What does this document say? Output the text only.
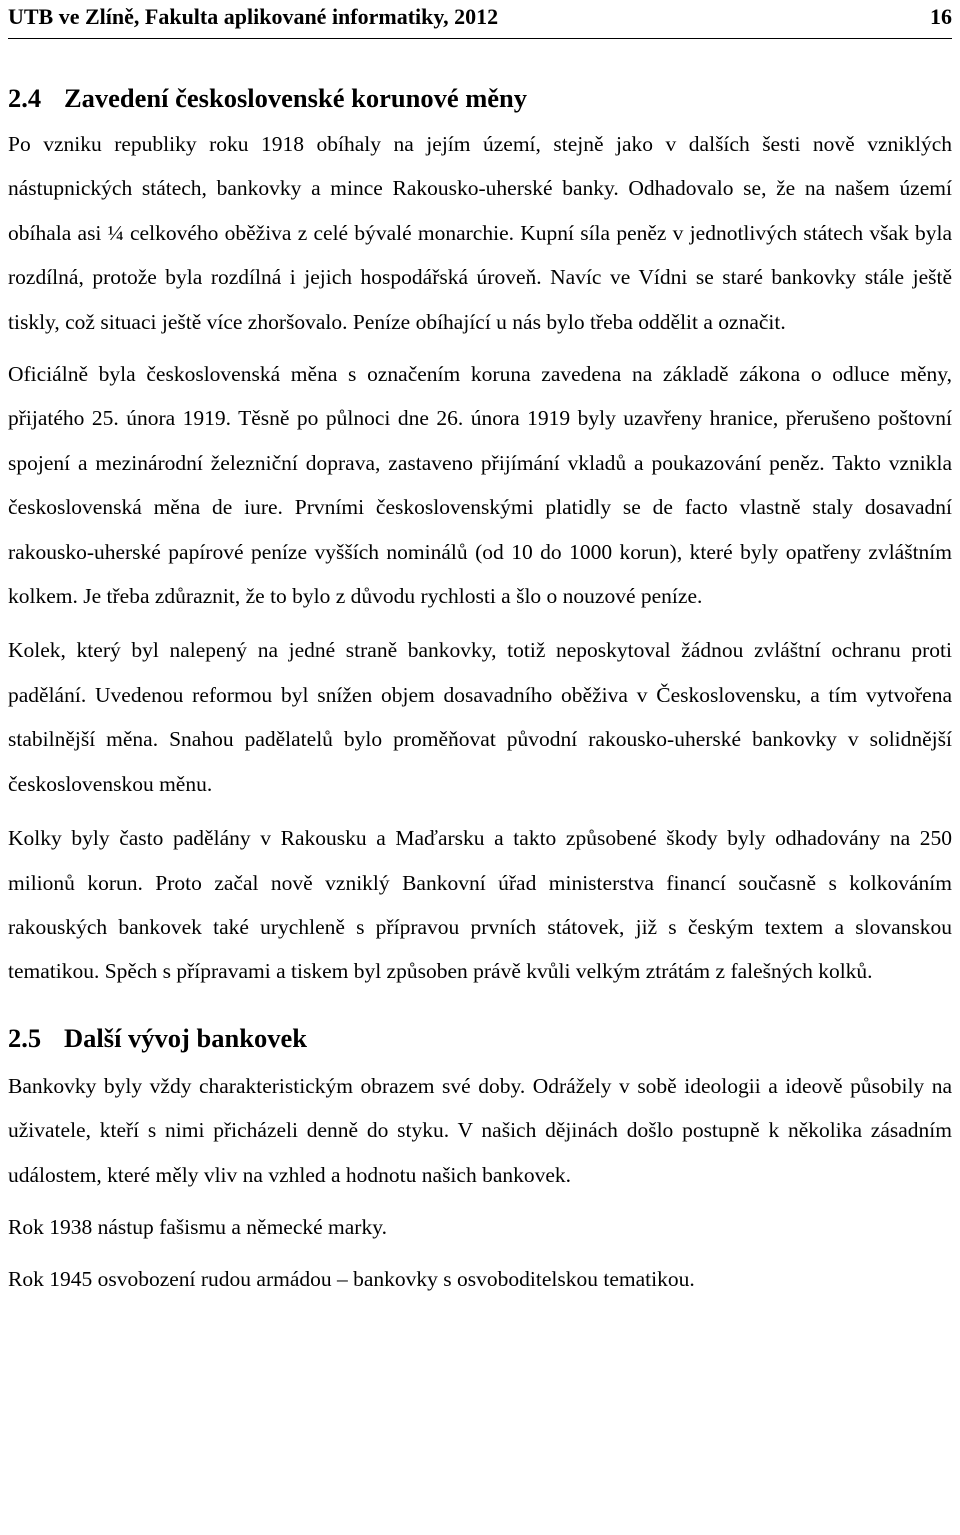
UTB ve Zlíně, Fakulta aplikované informatiky, 2012	16
2.4 Zavedení československé korunové měny

Po vzniku republiky roku 1918 obíhaly na jejím území, stejně jako v dalších šesti nově vzniklých nástupnických státech, bankovky a mince Rakousko-uherské banky. Odhadovalo se, že na našem území obíhala asi ¼ celkového oběživa z celé bývalé monarchie. Kupní síla peněz v jednotlivých státech však byla rozdílná, protože byla rozdílná i jejich hospodářská úroveň. Navíc ve Vídni se staré bankovky stále ještě tiskly, což situaci ještě více zhoršovalo. Peníze obíhající u nás bylo třeba oddělit a označit.

Oficiálně byla československá měna s označením koruna zavedena na základě zákona o odluce měny, přijatého 25. února 1919. Těsně po půlnoci dne 26. února 1919 byly uzavřeny hranice, přerušeno poštovní spojení a mezinárodní železniční doprava, zastaveno přijímání vkladů a poukazování peněz. Takto vznikla československá měna de iure. Prvními československými platidly se de facto vlastně staly dosavadní rakousko-uherské papírové peníze vyšších nominálů (od 10 do 1000 korun), které byly opatřeny zvláštním kolkem. Je třeba zdůraznit, že to bylo z důvodu rychlosti a šlo o nouzové peníze.

Kolek, který byl nalepený na jedné straně bankovky, totiž neposkytoval žádnou zvláštní ochranu proti padělání. Uvedenou reformou byl snížen objem dosavadního oběživa v Československu, a tím vytvořena stabilnější měna. Snahou padělatelů bylo proměňovat původní rakousko-uherské bankovky v solidnější československou měnu.

Kolky byly často padělány v Rakousku a Maďarsku a takto způsobené škody byly odhadovány na 250 milionů korun. Proto začal nově vzniklý Bankovní úřad ministerstva financí současně s kolkováním rakouských bankovek také urychleně s přípravou prvních státovek, již s českým textem a slovanskou tematikou. Spěch s přípravami a tiskem byl způsoben právě kvůli velkým ztrátám z falešných kolků.

2.5 Další vývoj bankovek

Bankovky byly vždy charakteristickým obrazem své doby. Odrážely v sobě ideologii a ideově působily na uživatele, kteří s nimi přicházeli denně do styku. V našich dějinách došlo postupně k několika zásadním událostem, které měly vliv na vzhled a hodnotu našich bankovek.

Rok 1938 nástup fašismu a německé marky.

Rok 1945 osvobození rudou armádou – bankovky s osvoboditelskou tematikou.
